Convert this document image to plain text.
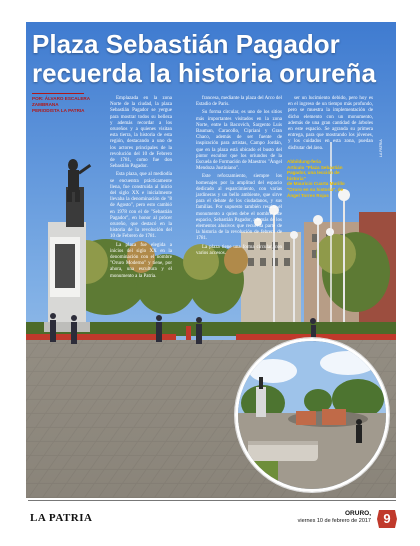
Plaza Sebastián Pagador
recuerda la historia orureña
POR: ÁLVARO ESCALERA
ZAMBRANA
PERIODISTA LA PATRIA

Emplazada en la zona Norte de la ciudad, la plaza Sebastián Pagador se yergue para mostrar todos su belleza y además recordar a los orureños y a quienes visitan esta tierra, la historia de esta región, destacando a uno de los actores principales de la revolución del 10 de Febrero de 1781, como fue don Sebastián Pagador.

Esta plaza, que al mediodía se encuentra prácticamente llena, fue construida al inicio del siglo XX e inicialmente llevaba la denominación de "8 de Agosto", pero esto cambió en 1978 con el de "Sebastián Pagador", en honor al prócer orureño, que destacó en la historia de la revolución del 10 de Febrero de 1781.

La plaza fue elegida a inicios del siglo XX en la denominación con el nombre "Oruro Moderno" y tiene, por ahora, una escultura y el monumento a la Patria.

francesa, mediante la plaza del Arco del Estadio de Paris.

Su forma circular, es uno de los sitios más importantes visitados en la zona Norte, entre la Bacovich, Sargento Luis Bauman, Caracollo, Cipriani y Gran Chaco, además de ser fuente de inspiración para artistas, Campo Jordán, que en la plaza está ubicado el busto del pintor escultor que los oriundos de la Escuela de Formación de Maestros "Ángel Mendoza Justiniano".

Este reforzamiento, siempre los homenajes por la amplitud del espacio dedicado al esparcimiento, con varias jardineras y un bello ambiente, que sirve para el debate de los ciudadanos, y sus familias. Por supuesto también resalta el monumento a quien debe el nombre este espacio, Sebastián Pagador, además de los elementos alusivos que recuerda parte de la historia de la revolución de febrero de 1781.

La plaza tiene una forma circular, con varios accesos.

ser un lucimiento debido, pero hoy es en el ingreso de un tiempo más profundo, pero se muestra la implementación de dicho elemento con un monumento, además de una gran cantidad de árboles en este espacio. Se agranda su primera entrega, para que mostrando los jóvenes, y los cuidados en esta zona, puedan disfrutar del área.

Abbildung-feria
Artículo "Plaza Sebastián Pagador, una lección de historia"
de Mauricio Cuarta Murillo
"Oruro en su historia", de
Ángel Torres Rojas
LA PATRIA
LA PATRIA	ORURO,
viernes 10 de febrero de 2017 9
